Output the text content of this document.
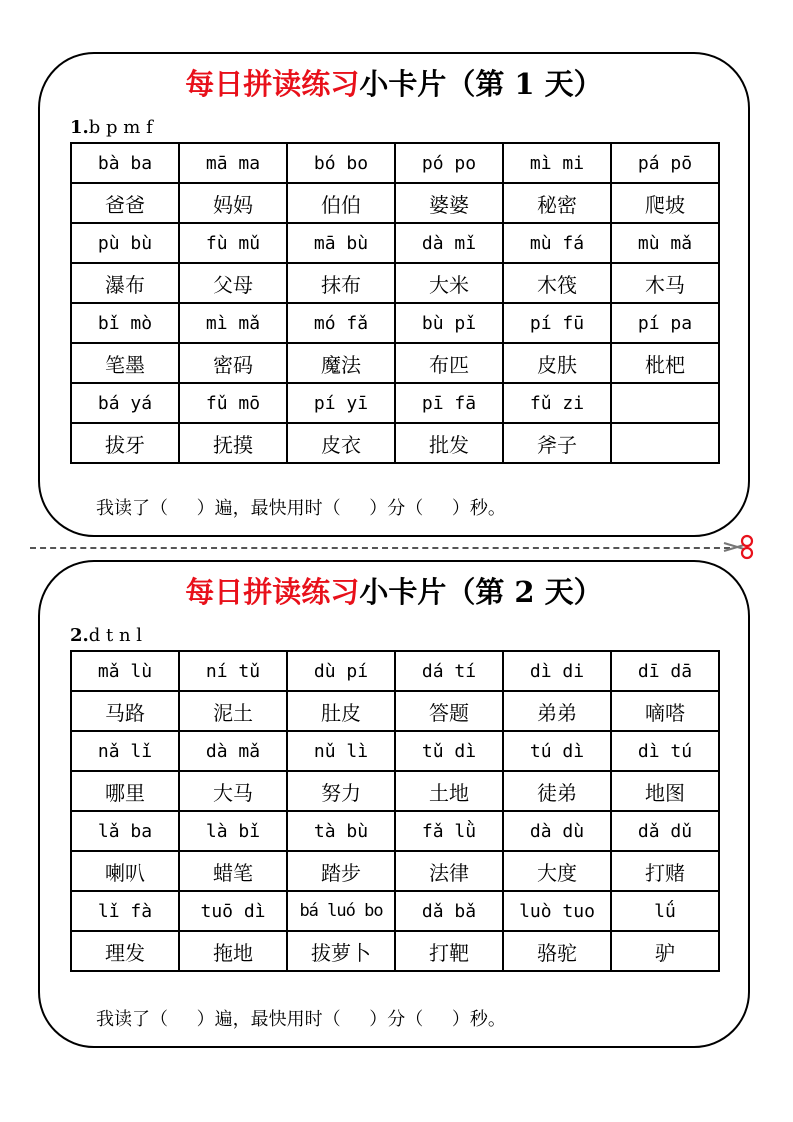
每日拼读练习小卡片（第 1 天）
1.b p m f
bà ba	mā ma	bó bo	pó po	mì mi	pá pō
爸爸	妈妈	伯伯	婆婆	秘密	爬坡
pù bù	fù mǔ	mā bù	dà mǐ	mù fá	mù mǎ
瀑布	父母	抹布	大米	木筏	木马
bǐ mò	mì mǎ	mó fǎ	bù pǐ	pí fū	pí pa
笔墨	密码	魔法	布匹	皮肤	枇杷
bá yá	fǔ mō	pí yī	pī fā	fǔ zi	
拔牙	抚摸	皮衣	批发	斧子	
我读了（     ）遍，最快用时（     ）分（     ）秒。
每日拼读练习小卡片（第 2 天）
2.d t n l
mǎ lù	ní tǔ	dù pí	dá tí	dì di	dī dā
马路	泥土	肚皮	答题	弟弟	嘀嗒
nǎ lǐ	dà mǎ	nǔ lì	tǔ dì	tú dì	dì tú
哪里	大马	努力	土地	徒弟	地图
lǎ ba	là bǐ	tà bù	fǎ lǜ	dà dù	dǎ dǔ
喇叭	蜡笔	踏步	法律	大度	打赌
lǐ fà	tuō dì	bá luó bo	dǎ bǎ	luò tuo	lǘ
理发	拖地	拔萝卜	打靶	骆驼	驴
我读了（     ）遍，最快用时（     ）分（     ）秒。
